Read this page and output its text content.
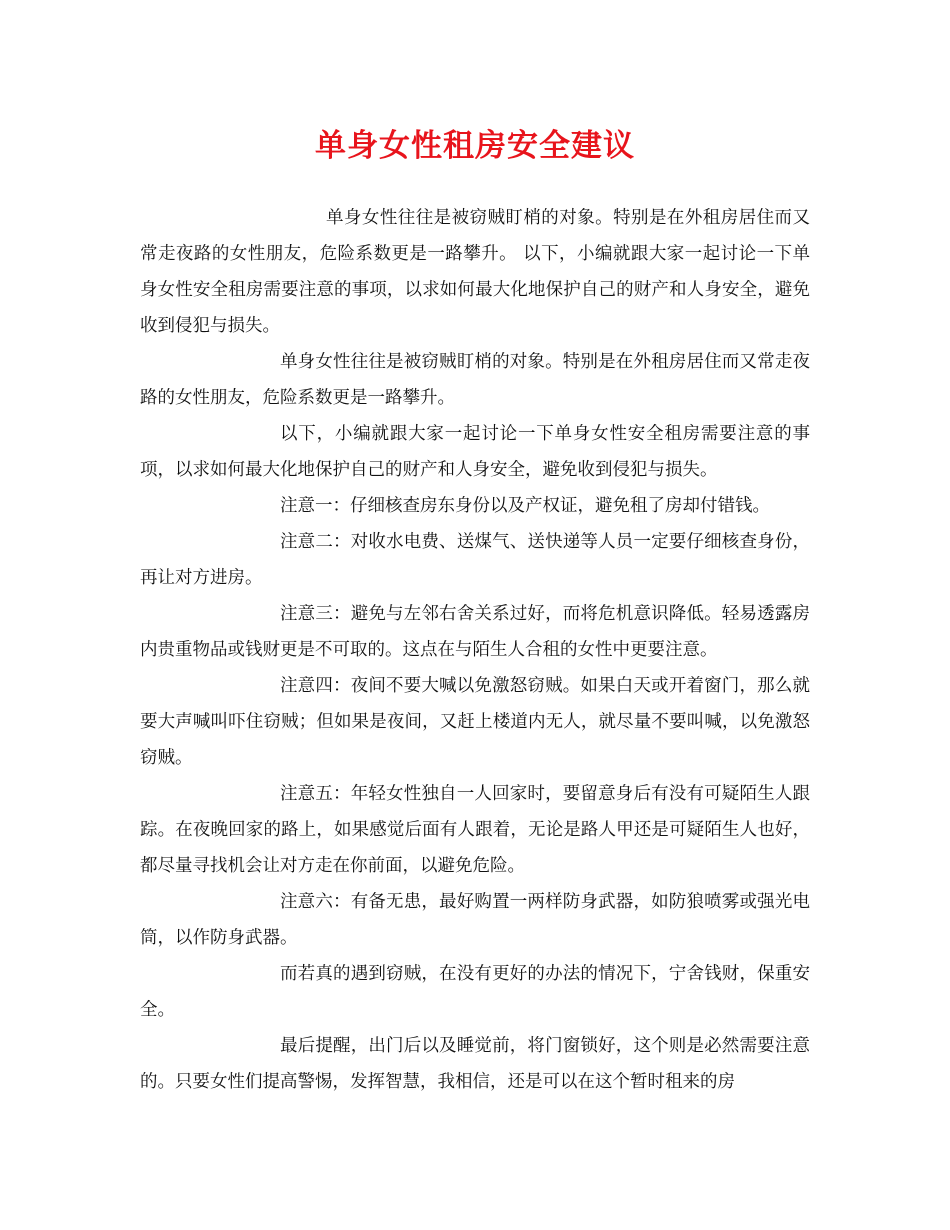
单身女性租房安全建议

单身女性往往是被窃贼盯梢的对象。特别是在外租房居住而又常走夜路的女性朋友，危险系数更是一路攀升。 以下，小编就跟大家一起讨论一下单身女性安全租房需要注意的事项，以求如何最大化地保护自己的财产和人身安全，避免收到侵犯与损失。

单身女性往往是被窃贼盯梢的对象。特别是在外租房居住而又常走夜路的女性朋友，危险系数更是一路攀升。

以下，小编就跟大家一起讨论一下单身女性安全租房需要注意的事项，以求如何最大化地保护自己的财产和人身安全，避免收到侵犯与损失。

注意一：仔细核查房东身份以及产权证，避免租了房却付错钱。

注意二：对收水电费、送煤气、送快递等人员一定要仔细核查身份，再让对方进房。

注意三：避免与左邻右舍关系过好，而将危机意识降低。轻易透露房内贵重物品或钱财更是不可取的。这点在与陌生人合租的女性中更要注意。

注意四：夜间不要大喊以免激怒窃贼。如果白天或开着窗门，那么就要大声喊叫吓住窃贼；但如果是夜间，又赶上楼道内无人，就尽量不要叫喊，以免激怒窃贼。

注意五：年轻女性独自一人回家时，要留意身后有没有可疑陌生人跟踪。在夜晚回家的路上，如果感觉后面有人跟着，无论是路人甲还是可疑陌生人也好，都尽量寻找机会让对方走在你前面，以避免危险。

注意六：有备无患，最好购置一两样防身武器，如防狼喷雾或强光电筒，以作防身武器。

而若真的遇到窃贼，在没有更好的办法的情况下，宁舍钱财，保重安全。

最后提醒，出门后以及睡觉前，将门窗锁好，这个则是必然需要注意的。只要女性们提高警惕，发挥智慧，我相信，还是可以在这个暂时租来的房
